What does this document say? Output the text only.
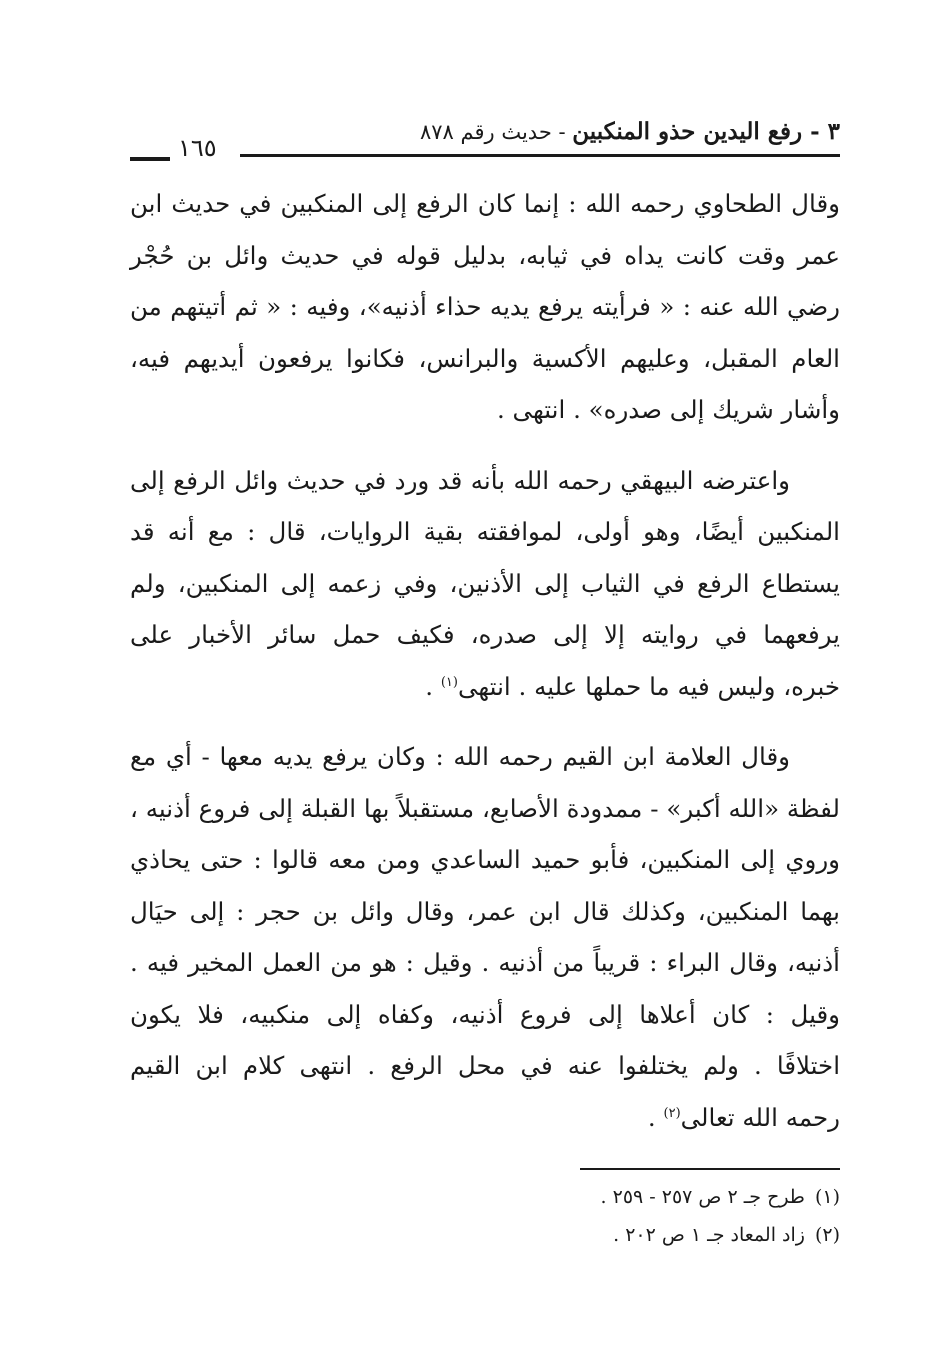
٣ - رفع اليدين حذو المنكبين - حديث رقم ٨٧٨
١٦٥

وقال الطحاوي رحمه الله : إنما كان الرفع إلى المنكبين في حديث ابن
عمر وقت كانت يداه في ثيابه، بدليل قوله في حديث وائل بن حُجْر
رضي الله عنه : « فرأيته يرفع يديه حذاء أذنيه»، وفيه : « ثم أتيتهم من
العام المقبل، وعليهم الأكسية والبرانس، فكانوا يرفعون أيديهم فيه،
وأشار شريك إلى صدره» . انتهى .

واعترضه البيهقي رحمه الله بأنه قد ورد في حديث وائل الرفع إلى
المنكبين أيضًا، وهو أولى، لموافقته بقية الروايات، قال : مع أنه قد
يستطاع الرفع في الثياب إلى الأذنين، وفي زعمه إلى المنكبين، ولم
يرفعهما في روايته إلا إلى صدره، فكيف حمل سائر الأخبار على
خبره، وليس فيه ما حملها عليه . انتهى$^{(١)}$ .

وقال العلامة ابن القيم رحمه الله : وكان يرفع يديه معها - أي مع
لفظة «الله أكبر» - ممدودة الأصابع، مستقبلاً بها القبلة إلى فروع أذنيه ،
وروي إلى المنكبين، فأبو حميد الساعدي ومن معه قالوا : حتى يحاذي
بهما المنكبين، وكذلك قال ابن عمر، وقال وائل بن حجر : إلى حيَال
أذنيه، وقال البراء : قريباً من أذنيه . وقيل : هو من العمل المخير فيه .
وقيل : كان أعلاها إلى فروع أذنيه، وكفاه إلى منكبيه، فلا يكون
اختلافًا . ولم يختلفوا عنه في محل الرفع . انتهى كلام ابن القيم
رحمه الله تعالى$^{(٢)}$ .

(١)طرح جـ ٢ ص ٢٥٧ - ٢٥٩ .
(٢)زاد المعاد جـ ١ ص ٢٠٢ .
